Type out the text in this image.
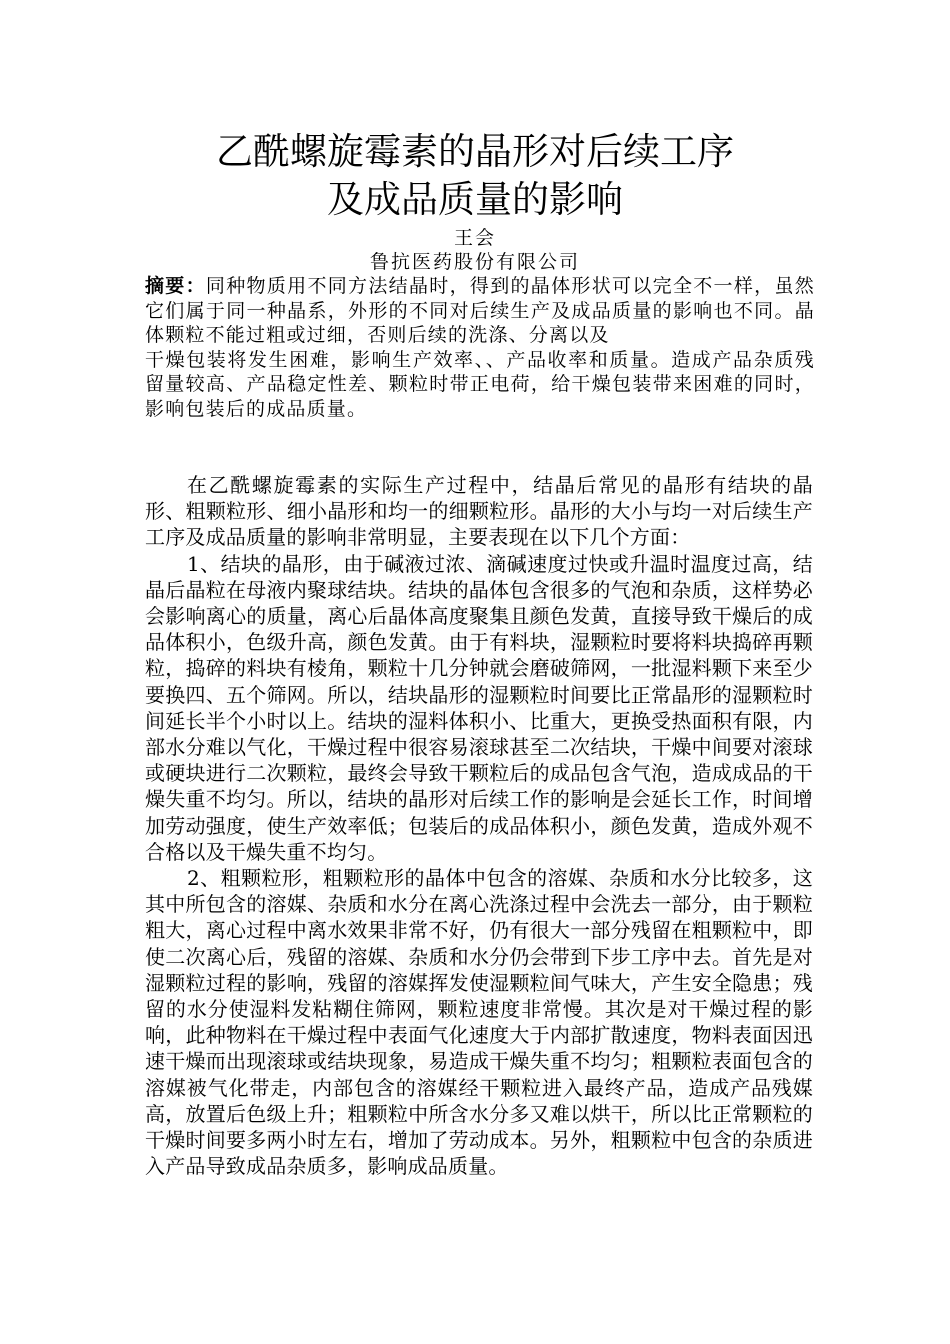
乙酰螺旋霉素的晶形对后续工序
及成品质量的影响
王会
鲁抗医药股份有限公司

摘要：同种物质用不同方法结晶时，得到的晶体形状可以完全不一样，虽然它们属于同一种晶系，外形的不同对后续生产及成品质量的影响也不同。晶体颗粒不能过粗或过细，否则后续的洗涤、分离以及

干燥包装将发生困难，影响生产效率、、产品收率和质量。造成产品杂质残留量较高、产品稳定性差、颗粒时带正电荷，给干燥包装带来困难的同时，影响包装后的成品质量。

在乙酰螺旋霉素的实际生产过程中，结晶后常见的晶形有结块的晶形、粗颗粒形、细小晶形和均一的细颗粒形。晶形的大小与均一对后续生产工序及成品质量的影响非常明显，主要表现在以下几个方面：

1、结块的晶形，由于碱液过浓、滴碱速度过快或升温时温度过高，结晶后晶粒在母液内聚球结块。结块的晶体包含很多的气泡和杂质，这样势必会影响离心的质量，离心后晶体高度聚集且颜色发黄，直接导致干燥后的成品体积小，色级升高，颜色发黄。由于有料块，湿颗粒时要将料块捣碎再颗粒，捣碎的料块有棱角，颗粒十几分钟就会磨破筛网，一批湿料颗下来至少要换四、五个筛网。所以，结块晶形的湿颗粒时间要比正常晶形的湿颗粒时间延长半个小时以上。结块的湿料体积小、比重大，更换受热面积有限，内部水分难以气化，干燥过程中很容易滚球甚至二次结块，干燥中间要对滚球或硬块进行二次颗粒，最终会导致干颗粒后的成品包含气泡，造成成品的干燥失重不均匀。所以，结块的晶形对后续工作的影响是会延长工作，时间增加劳动强度，使生产效率低；包装后的成品体积小，颜色发黄，造成外观不合格以及干燥失重不均匀。

2、粗颗粒形，粗颗粒形的晶体中包含的溶媒、杂质和水分比较多，这其中所包含的溶媒、杂质和水分在离心洗涤过程中会洗去一部分，由于颗粒粗大，离心过程中离水效果非常不好，仍有很大一部分残留在粗颗粒中，即使二次离心后，残留的溶媒、杂质和水分仍会带到下步工序中去。首先是对湿颗粒过程的影响，残留的溶媒挥发使湿颗粒间气味大，产生安全隐患；残留的水分使湿料发粘糊住筛网，颗粒速度非常慢。其次是对干燥过程的影响，此种物料在干燥过程中表面气化速度大于内部扩散速度，物料表面因迅速干燥而出现滚球或结块现象，易造成干燥失重不均匀；粗颗粒表面包含的溶媒被气化带走，内部包含的溶媒经干颗粒进入最终产品，造成产品残媒高，放置后色级上升；粗颗粒中所含水分多又难以烘干，所以比正常颗粒的干燥时间要多两小时左右，增加了劳动成本。另外，粗颗粒中包含的杂质进入产品导致成品杂质多，影响成品质量。
